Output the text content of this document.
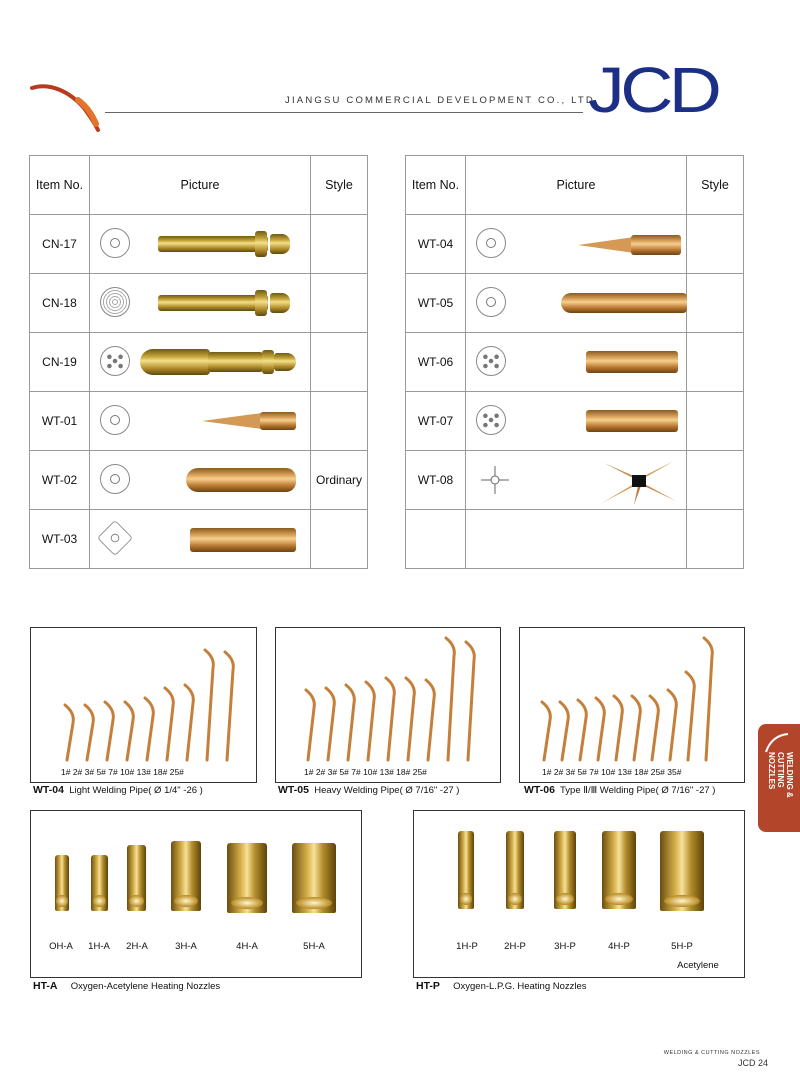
JIANGSU COMMERCIAL DEVELOPMENT CO., LTD.
JCD
Item No.	Picture	Style
CN-17	

CN-18	

CN-19	

WT-01	

WT-02		Ordinary
WT-03	

Item No.	Picture	Style
WT-04	

WT-05	

WT-06	

WT-07	

WT-08	

1# 2# 3# 5# 7# 10# 13# 18# 25#
WT-04 Light Welding Pipe( Ø 1/4" -26 )
1# 2# 3# 5# 7# 10# 13# 18# 25#
WT-05 Heavy Welding Pipe( Ø 7/16" -27 )
1# 2# 3# 5# 7# 10# 13# 18# 25# 35#
WT-06 Type Ⅱ/Ⅲ Welding Pipe( Ø 7/16" -27 )	WELDING &
CUTTING
NOZZLES
OH-A	1H-A	2H-A	3H-A	4H-A	5H-A
HT-A Oxygen-Acetylene Heating Nozzles
1H-P	2H-P	3H-P	4H-P	5H-P
Acetylene
HT-P Oxygen-L.P.G. Heating Nozzles
WELDING & CUTTING NOZZLES
JCD 24
